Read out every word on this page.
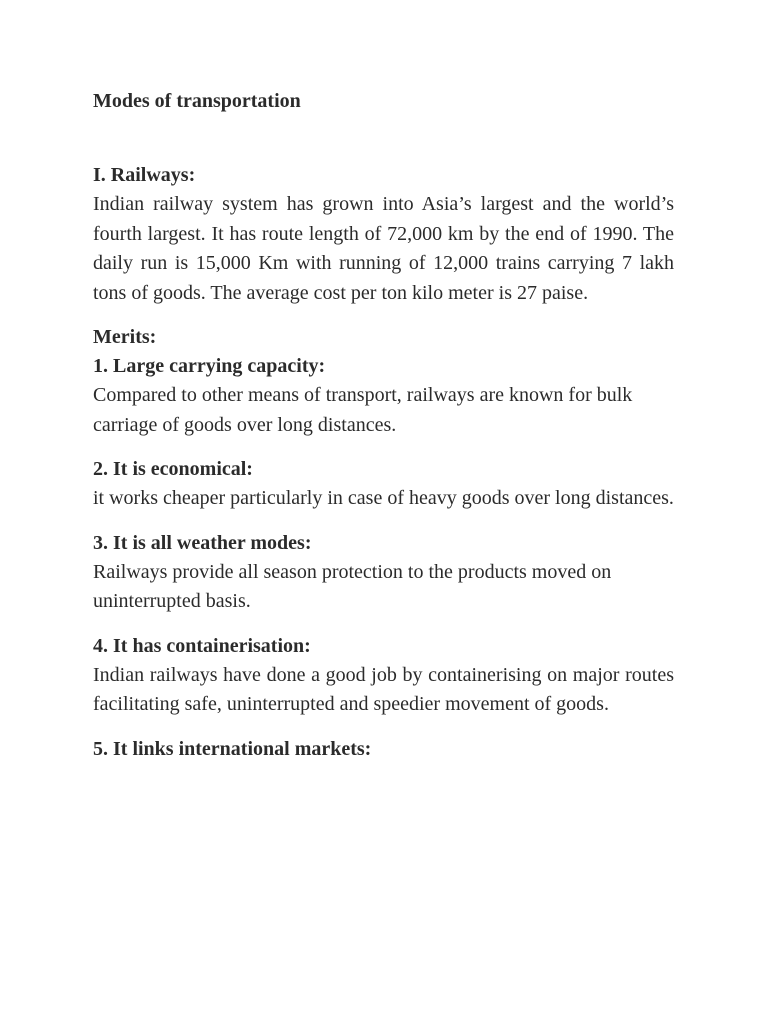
Modes of transportation

I. Railways:

Indian railway system has grown into Asia’s largest and the world’s fourth largest. It has route length of 72,000 km by the end of 1990. The daily run is 15,000 Km with running of 12,000 trains carrying 7 lakh tons of goods. The average cost per ton kilo meter is 27 paise.

Merits:

1. Large carrying capacity:

Compared to other means of transport, railways are known for bulk carriage of goods over long distances.

2. It is economical:

it works cheaper particularly in case of heavy goods over long distances.

3. It is all weather modes:

Railways provide all season protection to the products moved on uninterrupted basis.

4. It has containerisation:

Indian railways have done a good job by containerising on major routes facilitating safe, uninterrupted and speedier movement of goods.

5. It links international markets:
